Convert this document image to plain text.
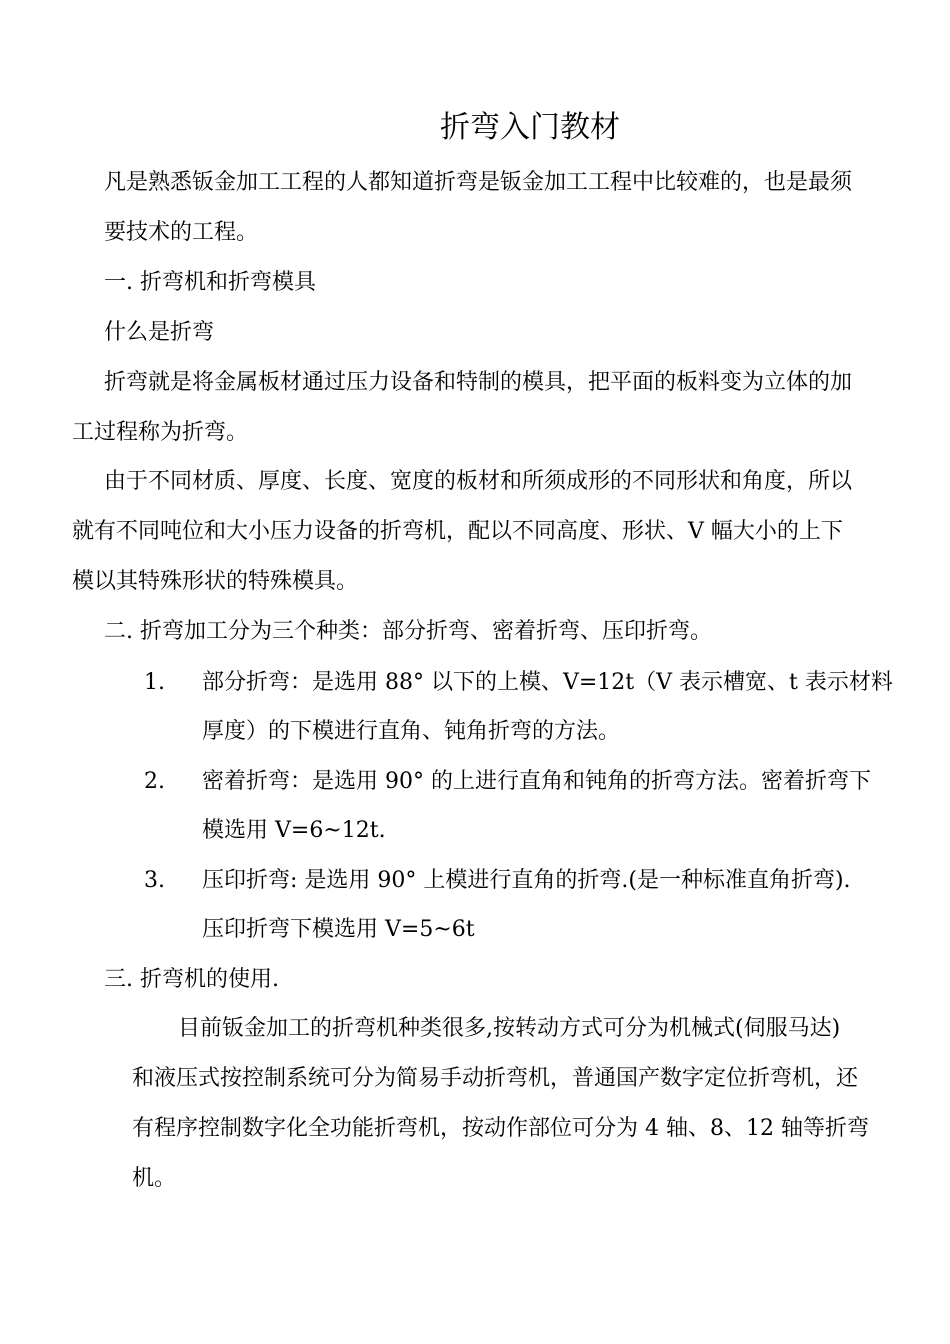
折弯入门教材
凡是熟悉钣金加工工程的人都知道折弯是钣金加工工程中比较难的，也是最须
要技术的工程。
一. 折弯机和折弯模具
什么是折弯
折弯就是将金属板材通过压力设备和特制的模具，把平面的板料变为立体的加
工过程称为折弯。
由于不同材质、厚度、长度、宽度的板材和所须成形的不同形状和角度，所以
就有不同吨位和大小压力设备的折弯机，配以不同高度、形状、V 幅大小的上下
模以其特殊形状的特殊模具。
二. 折弯加工分为三个种类：部分折弯、密着折弯、压印折弯。
1. 部分折弯：是选用 88° 以下的上模、V=12t（V 表示槽宽、t 表示材料
厚度）的下模进行直角、钝角折弯的方法。
2. 密着折弯：是选用 90° 的上进行直角和钝角的折弯方法。密着折弯下
模选用 V=6~12t.
3. 压印折弯: 是选用 90° 上模进行直角的折弯.(是一种标准直角折弯).
压印折弯下模选用 V=5~6t
三. 折弯机的使用.
目前钣金加工的折弯机种类很多,按转动方式可分为机械式(伺服马达)
和液压式按控制系统可分为简易手动折弯机，普通国产数字定位折弯机，还
有程序控制数字化全功能折弯机，按动作部位可分为 4 轴、8、12 轴等折弯
机。
